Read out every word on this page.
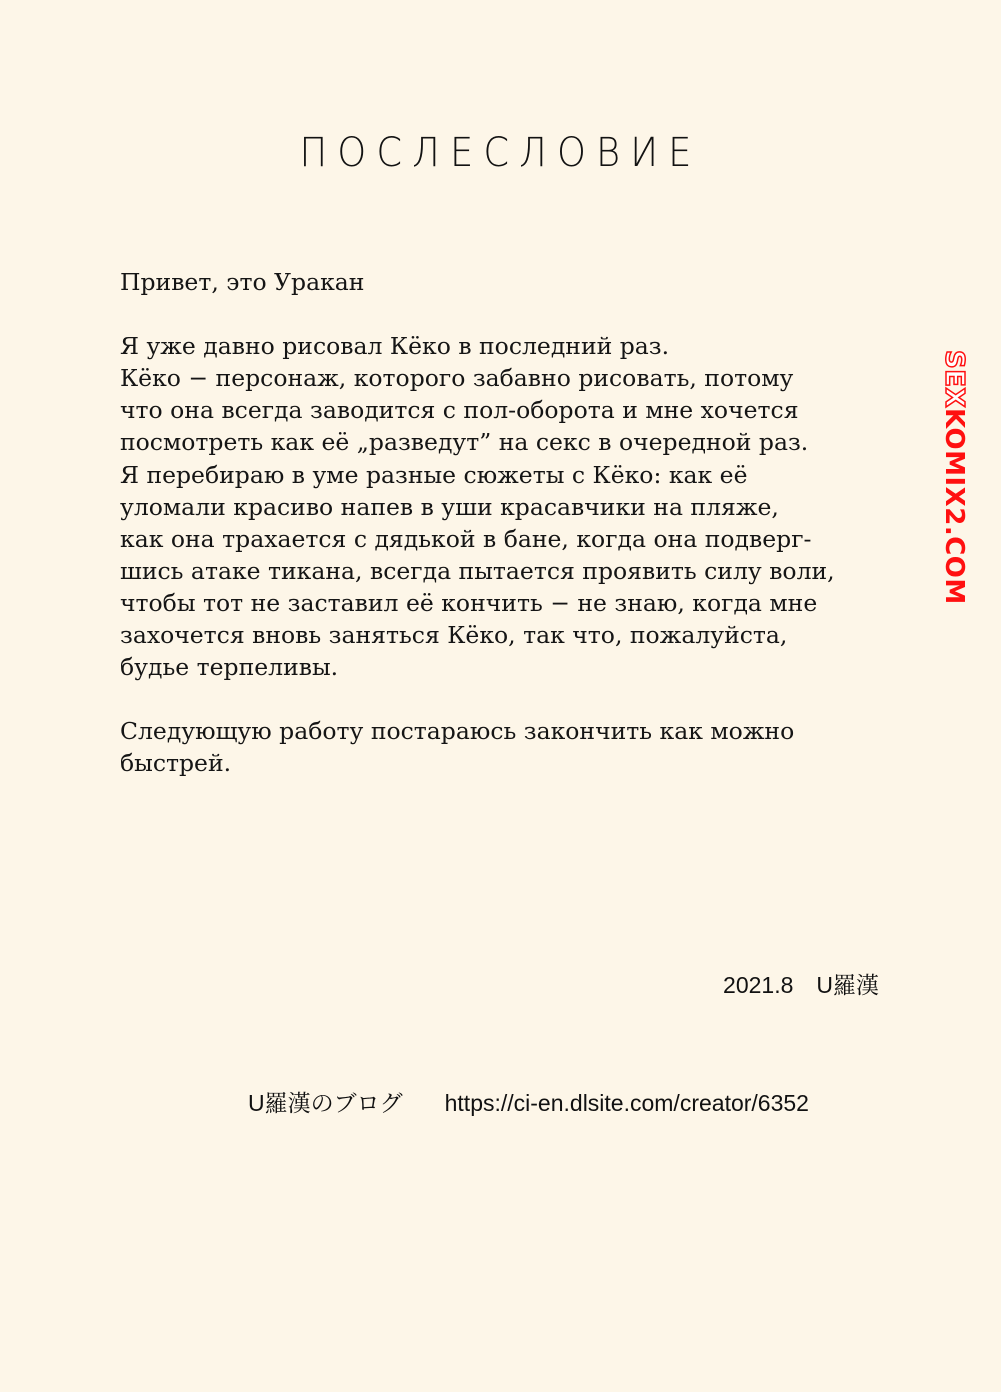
ПОСЛЕСЛОВИЕ
Привет, это Уракан
Я уже давно рисовал Кёко в последний раз.
Кёко − персонаж, которого забавно рисовать, потому
что она всегда заводится с пол-оборота и мне хочется
посмотреть как её „разведут” на секс в очередной раз.
Я перебираю в уме разные сюжеты с Кёко: как её
уломали красиво напев в уши красавчики на пляже,
как она трахается с дядькой в бане, когда она подверг-
шись атаке тикана, всегда пытается проявить силу воли,
чтобы тот не заставил её кончить − не знаю, когда мне
захочется вновь заняться Кёко, так что, пожалуйста,
будье терпеливы.
Следующую работу постараюсь закончить как можно
быстрей.
2021.8　U羅漢
U羅漢のブログ https://ci-en.dlsite.com/creator/6352
SEXKOMIX2.COM
